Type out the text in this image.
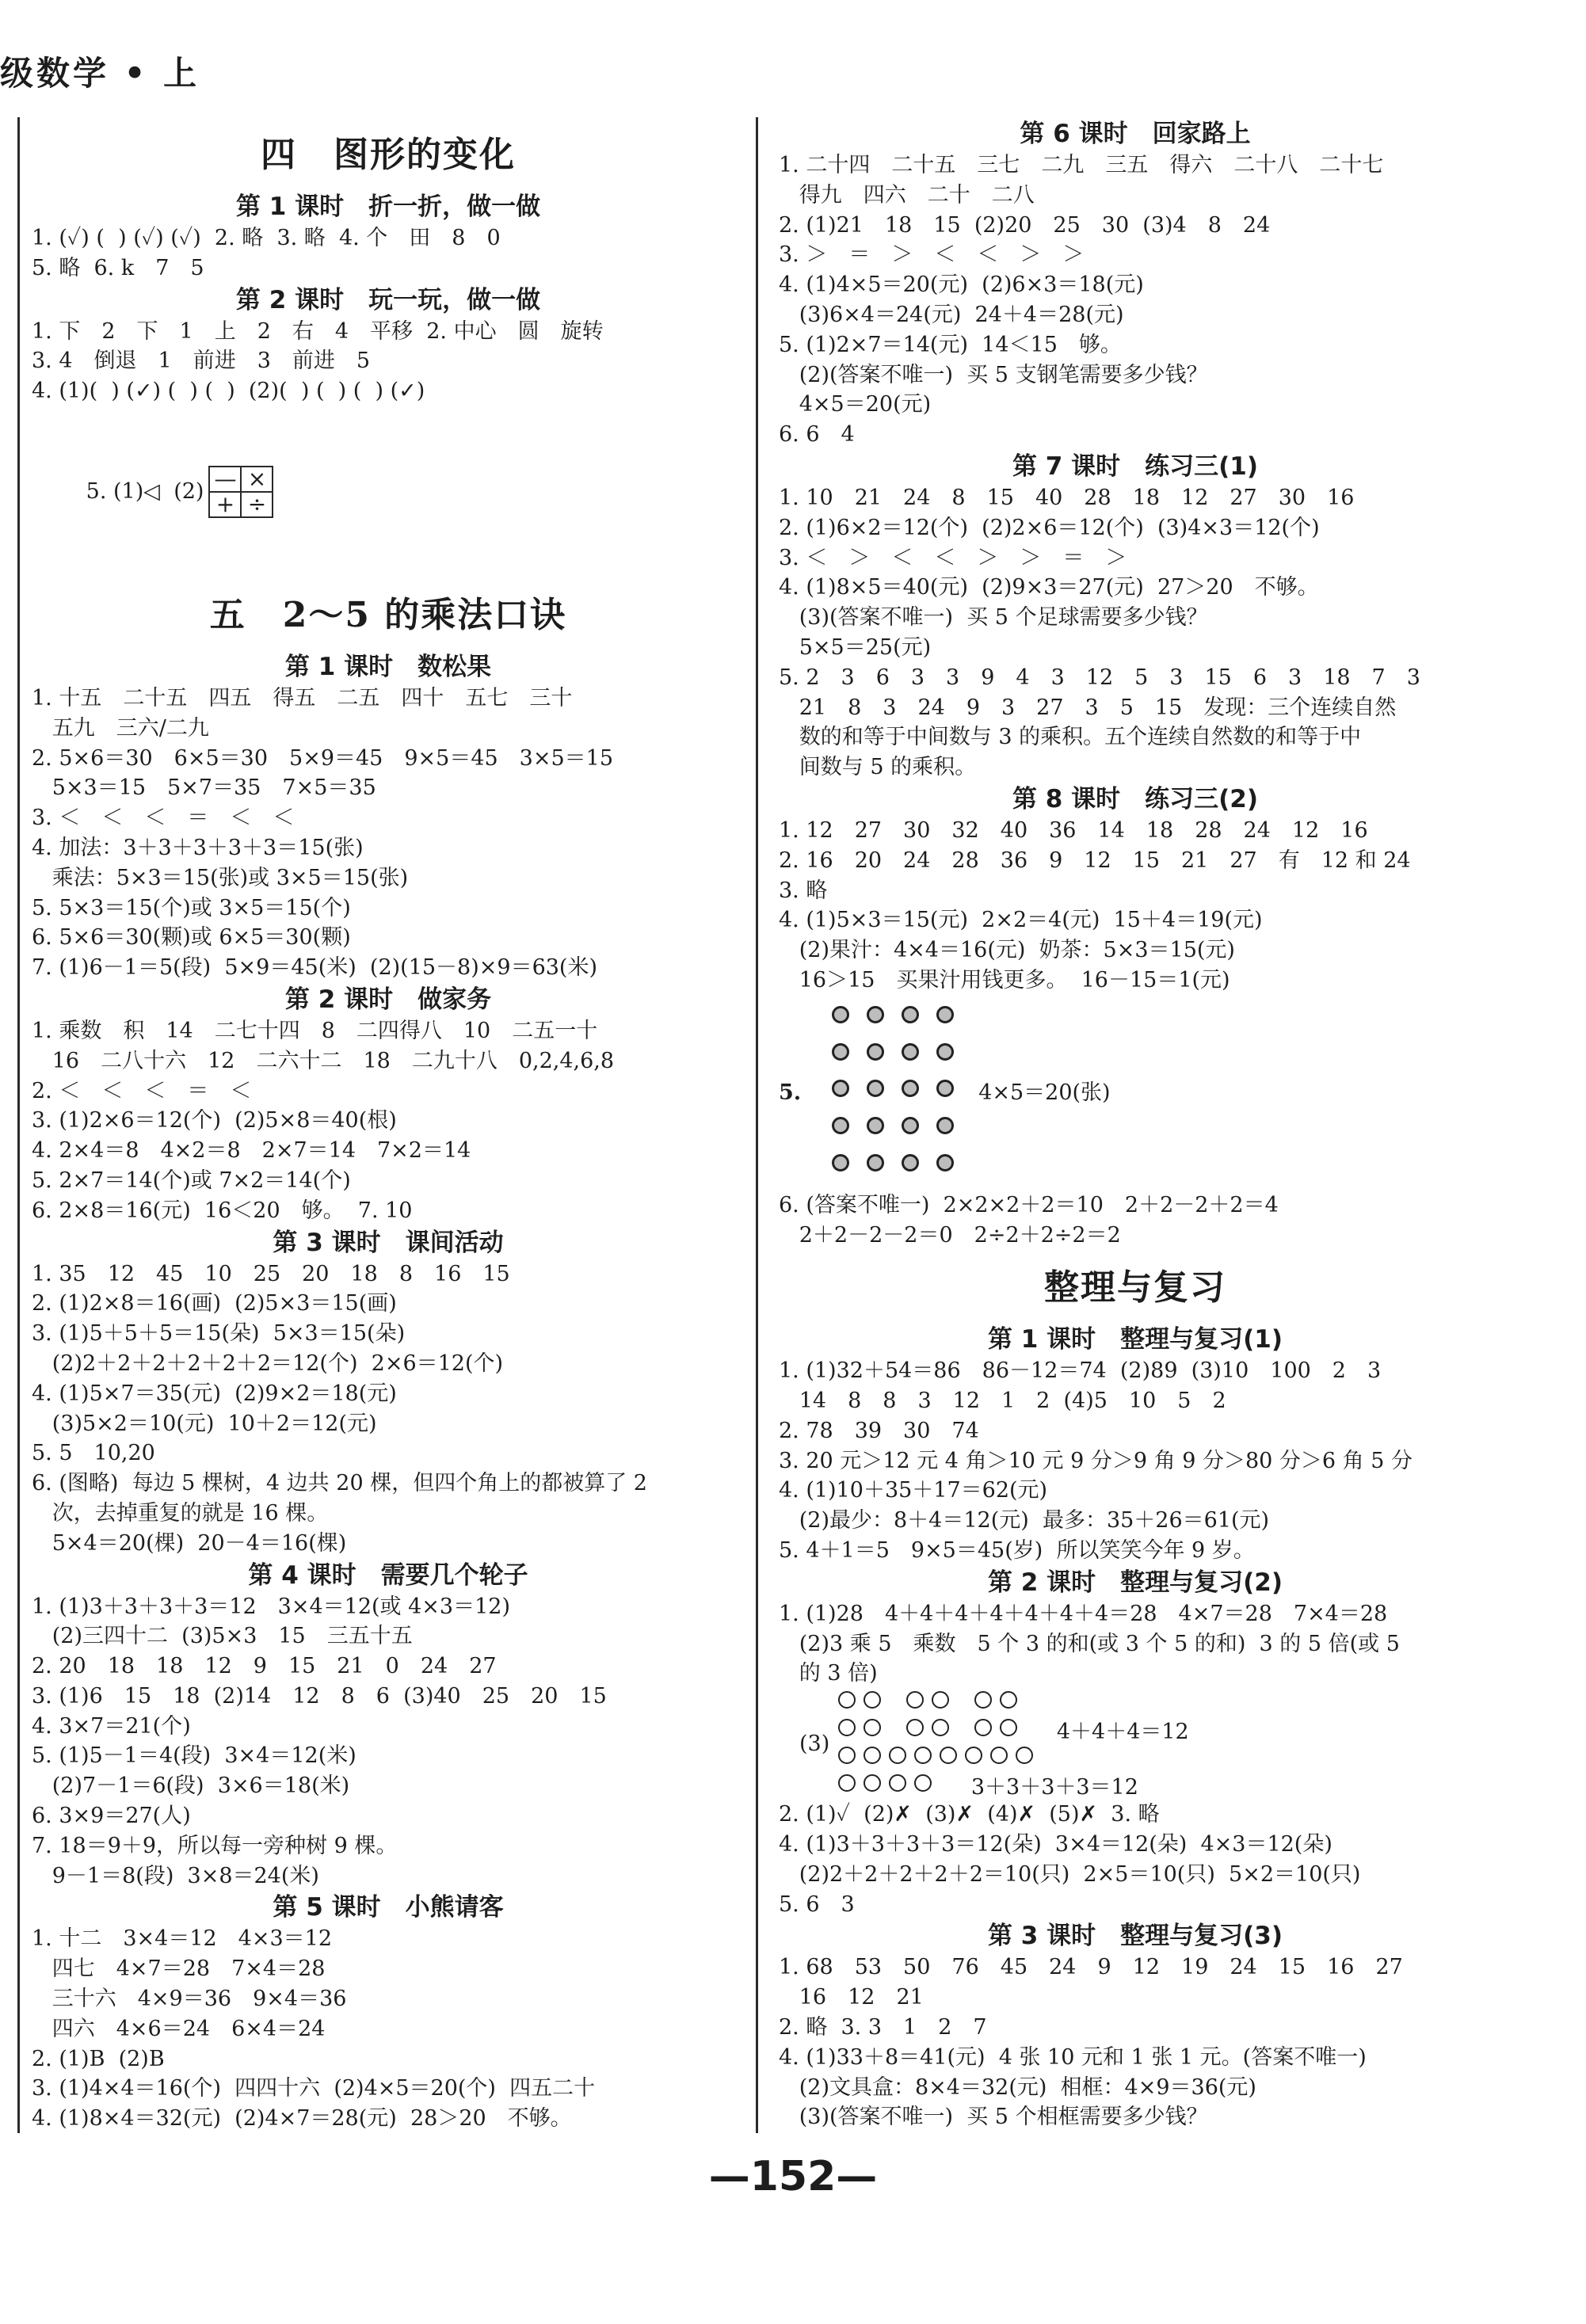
级数学 • 上
四　图形的变化
第 1 课时　折一折，做一做
1. (✓) (  ) (✓) (✓)  2. 略  3. 略  4. 个　田　8　0
5. 略  6. k　7　5
第 2 课时　玩一玩，做一做
1. 下　2　下　1　上　2　右　4　平移  2. 中心　圆　旋转
3. 4　倒退　1　前进　3　前进　5
4. (1)(  ) (✓) (  ) (  )  (2)(  ) (  ) (  ) (✓)

5. (1)◁  (2) —	×
+	÷

五　2～5 的乘法口诀
第 1 课时　数松果
1. 十五　二十五　四五　得五　二五　四十　五七　三十
五九　三六/二九
2. 5×6＝30　6×5＝30　5×9＝45　9×5＝45　3×5＝15
5×3＝15　5×7＝35　7×5＝35
3. ＜　＜　＜　＝　＜　＜
4. 加法：3＋3＋3＋3＋3＝15(张)
乘法：5×3＝15(张)或 3×5＝15(张)
5. 5×3＝15(个)或 3×5＝15(个)
6. 5×6＝30(颗)或 6×5＝30(颗)
7. (1)6－1＝5(段)  5×9＝45(米)  (2)(15－8)×9＝63(米)
第 2 课时　做家务
1. 乘数　积　14　二七十四　8　二四得八　10　二五一十
16　二八十六　12　二六十二　18　二九十八　0,2,4,6,8
2. ＜　＜　＜　＝　＜
3. (1)2×6＝12(个)  (2)5×8＝40(根)
4. 2×4＝8　4×2＝8　2×7＝14　7×2＝14
5. 2×7＝14(个)或 7×2＝14(个)
6. 2×8＝16(元)  16＜20　够。  7. 10
第 3 课时　课间活动
1. 35　12　45　10　25　20　18　8　16　15
2. (1)2×8＝16(画)  (2)5×3＝15(画)
3. (1)5＋5＋5＝15(朵)  5×3＝15(朵)
(2)2＋2＋2＋2＋2＋2＝12(个)  2×6＝12(个)
4. (1)5×7＝35(元)  (2)9×2＝18(元)
(3)5×2＝10(元)  10＋2＝12(元)
5. 5　10,20
6. (图略)  每边 5 棵树，4 边共 20 棵，但四个角上的都被算了 2
次，去掉重复的就是 16 棵。
5×4＝20(棵)  20－4＝16(棵)
第 4 课时　需要几个轮子
1. (1)3＋3＋3＋3＝12　3×4＝12(或 4×3＝12)
(2)三四十二  (3)5×3　15　三五十五
2. 20　18　18　12　9　15　21　0　24　27
3. (1)6　15　18  (2)14　12　8　6  (3)40　25　20　15
4. 3×7＝21(个)
5. (1)5－1＝4(段)  3×4＝12(米)
(2)7－1＝6(段)  3×6＝18(米)
6. 3×9＝27(人)
7. 18＝9＋9，所以每一旁种树 9 棵。
9－1＝8(段)  3×8＝24(米)
第 5 课时　小熊请客
1. 十二　3×4＝12　4×3＝12
四七　4×7＝28　7×4＝28
三十六　4×9＝36　9×4＝36
四六　4×6＝24　6×4＝24
2. (1)B  (2)B
3. (1)4×4＝16(个)  四四十六  (2)4×5＝20(个)  四五二十
4. (1)8×4＝32(元)  (2)4×7＝28(元)  28＞20　不够。
第 6 课时　回家路上
1. 二十四　二十五　三七　二九　三五　得六　二十八　二十七
得九　四六　二十　二八
2. (1)21　18　15  (2)20　25　30  (3)4　8　24
3. ＞　＝　＞　＜　＜　＞　＞
4. (1)4×5＝20(元)  (2)6×3＝18(元)
(3)6×4＝24(元)  24＋4＝28(元)
5. (1)2×7＝14(元)  14＜15　够。
(2)(答案不唯一)  买 5 支钢笔需要多少钱？
4×5＝20(元)
6. 6　4
第 7 课时　练习三(1)
1. 10　21　24　8　15　40　28　18　12　27　30　16
2. (1)6×2＝12(个)  (2)2×6＝12(个)  (3)4×3＝12(个)
3. ＜　＞　＜　＜　＞　＞　＝　＞
4. (1)8×5＝40(元)  (2)9×3＝27(元)  27＞20　不够。
(3)(答案不唯一)  买 5 个足球需要多少钱？
5×5＝25(元)
5. 2　3　6　3　3　9　4　3　12　5　3　15　6　3　18　7　3
21　8　3　24　9　3　27　3　5　15　发现：三个连续自然
数的和等于中间数与 3 的乘积。五个连续自然数的和等于中
间数与 5 的乘积。
第 8 课时　练习三(2)
1. 12　27　30　32　40　36　14　18　28　24　12　16
2. 16　20　24　28　36　9　12　15　21　27　有　12 和 24
3. 略
4. (1)5×3＝15(元)  2×2＝4(元)  15＋4＝19(元)
(2)果汁：4×4＝16(元)  奶茶：5×3＝15(元)
16＞15　买果汁用钱更多。  16－15＝1(元)
5.	4×5＝20(张)
6. (答案不唯一)  2×2×2＋2＝10　2＋2－2＋2＝4
2＋2－2－2＝0　2÷2＋2÷2＝2
整理与复习
第 1 课时　整理与复习(1)
1. (1)32＋54＝86　86－12＝74  (2)89  (3)10　100　2　3
14　8　8　3　12　1　2  (4)5　10　5　2
2. 78　39　30　74
3. 20 元＞12 元 4 角＞10 元 9 分＞9 角 9 分＞80 分＞6 角 5 分
4. (1)10＋35＋17＝62(元)
(2)最少：8＋4＝12(元)  最多：35＋26＝61(元)
5. 4＋1＝5　9×5＝45(岁)  所以笑笑今年 9 岁。
第 2 课时　整理与复习(2)
1. (1)28　4＋4＋4＋4＋4＋4＋4＝28　4×7＝28　7×4＝28
(2)3 乘 5　乘数　5 个 3 的和(或 3 个 5 的和)  3 的 5 倍(或 5
的 3 倍)
(3)	4＋4＋4＝12
3＋3＋3＋3＝12
2. (1)✓  (2)✗  (3)✗  (4)✗  (5)✗  3. 略
4. (1)3＋3＋3＋3＝12(朵)  3×4＝12(朵)  4×3＝12(朵)
(2)2＋2＋2＋2＋2＝10(只)  2×5＝10(只)  5×2＝10(只)
5. 6　3
第 3 课时　整理与复习(3)
1. 68　53　50　76　45　24　9　12　19　24　15　16　27
16　12　21
2. 略  3. 3　1　2　7
4. (1)33＋8＝41(元)  4 张 10 元和 1 张 1 元。(答案不唯一)
(2)文具盒：8×4＝32(元)  相框：4×9＝36(元)
(3)(答案不唯一)  买 5 个相框需要多少钱？
—152—
